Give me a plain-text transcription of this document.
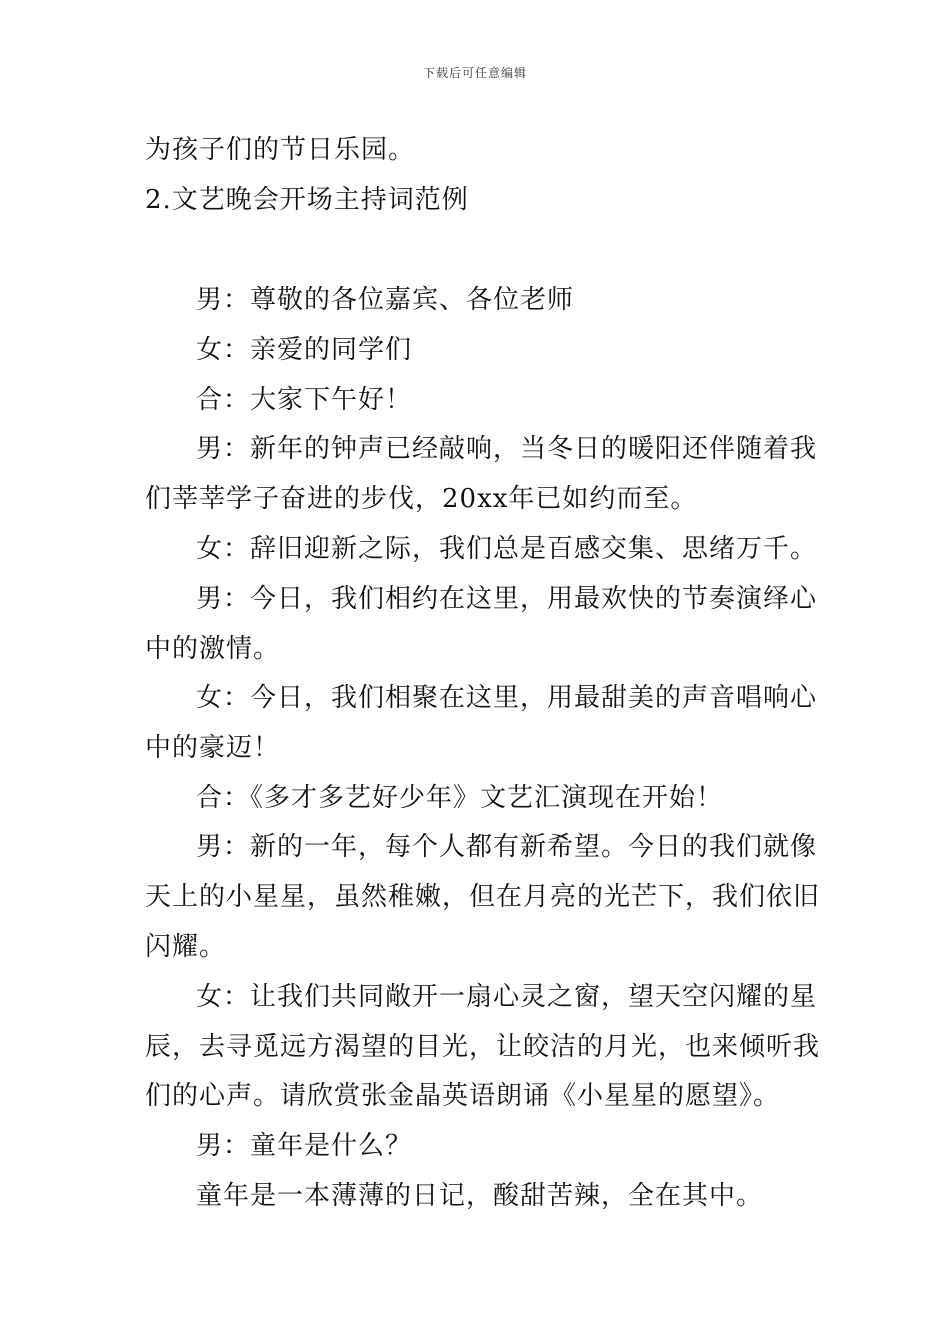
下载后可任意编辑
为孩子们的节日乐园。
2.文艺晚会开场主持词范例
男：尊敬的各位嘉宾、各位老师
女：亲爱的同学们
合：大家下午好！
男：新年的钟声已经敲响，当冬日的暖阳还伴随着我
们莘莘学子奋进的步伐，20xx年已如约而至。
女：辞旧迎新之际，我们总是百感交集、思绪万千。
男：今日，我们相约在这里，用最欢快的节奏演绎心
中的激情。
女：今日，我们相聚在这里，用最甜美的声音唱响心
中的豪迈！
合：《多才多艺好少年》文艺汇演现在开始！
男：新的一年，每个人都有新希望。今日的我们就像
天上的小星星，虽然稚嫩，但在月亮的光芒下，我们依旧
闪耀。
女：让我们共同敞开一扇心灵之窗，望天空闪耀的星
辰，去寻觅远方渴望的目光，让皎洁的月光，也来倾听我
们的心声。请欣赏张金晶英语朗诵《小星星的愿望》。
男：童年是什么？
童年是一本薄薄的日记，酸甜苦辣，全在其中。
